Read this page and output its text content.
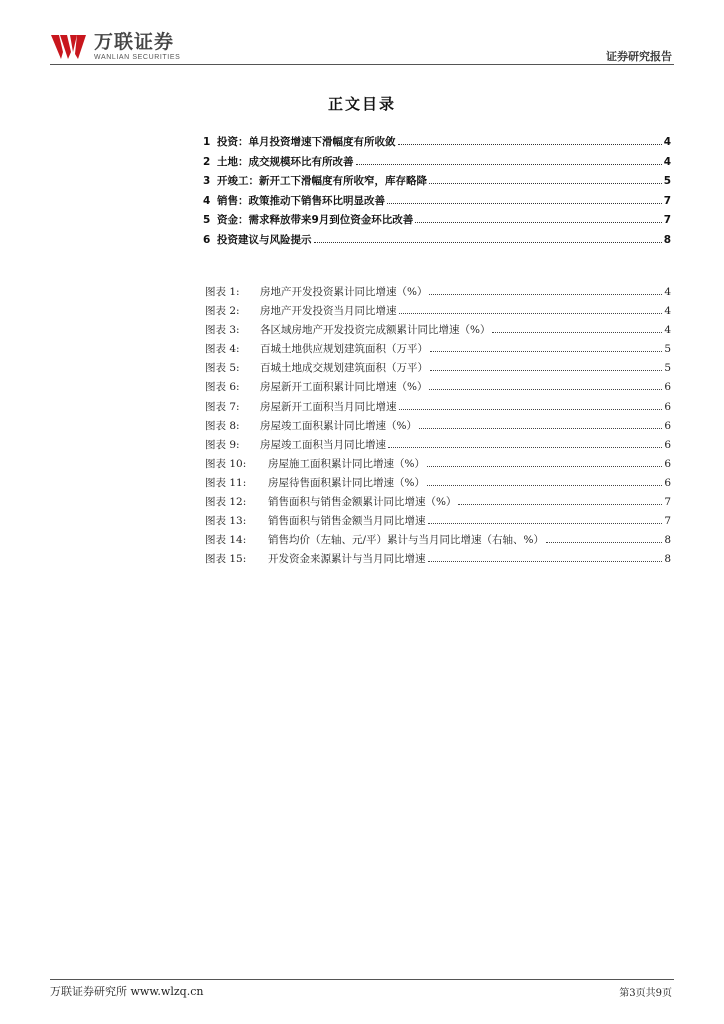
万联证券
WANLIAN SECURITIES	证券研究报告
正文目录
1 投资：单月投资增速下滑幅度有所收敛	4
2 土地：成交规模环比有所改善	4
3 开竣工：新开工下滑幅度有所收窄，库存略降	5
4 销售：政策推动下销售环比明显改善	7
5 资金：需求释放带来9月到位资金环比改善	7
6 投资建议与风险提示	8
图表 1:	房地产开发投资累计同比增速（%）	4
图表 2:	房地产开发投资当月同比增速	4
图表 3:	各区域房地产开发投资完成额累计同比增速（%）	4
图表 4:	百城土地供应规划建筑面积（万平）	5
图表 5:	百城土地成交规划建筑面积（万平）	5
图表 6:	房屋新开工面积累计同比增速（%）	6
图表 7:	房屋新开工面积当月同比增速	6
图表 8:	房屋竣工面积累计同比增速（%）	6
图表 9:	房屋竣工面积当月同比增速	6
图表 10:	房屋施工面积累计同比增速（%）	6
图表 11:	房屋待售面积累计同比增速（%）	6
图表 12:	销售面积与销售金额累计同比增速（%）	7
图表 13:	销售面积与销售金额当月同比增速	7
图表 14:	销售均价（左轴、元/平）累计与当月同比增速（右轴、%）	8
图表 15:	开发资金来源累计与当月同比增速	8
万联证券研究所 www.wlzq.cn	第3页共9页
